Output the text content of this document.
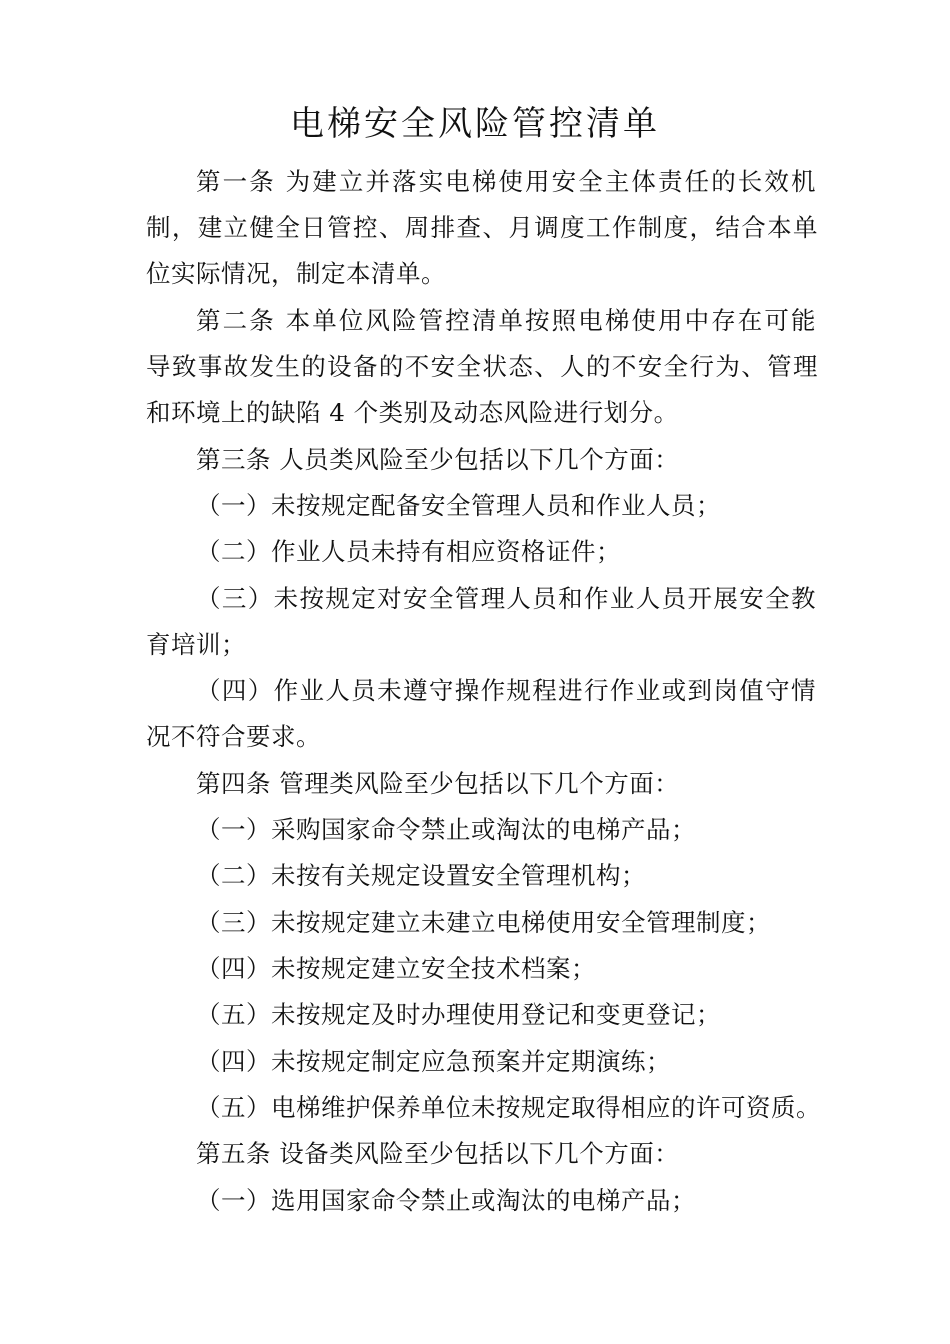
电梯安全风险管控清单
第一条 为建立并落实电梯使用安全主体责任的长效机
制，建立健全日管控、周排查、月调度工作制度，结合本单
位实际情况，制定本清单。
第二条 本单位风险管控清单按照电梯使用中存在可能
导致事故发生的设备的不安全状态、人的不安全行为、管理
和环境上的缺陷 4 个类别及动态风险进行划分。
第三条 人员类风险至少包括以下几个方面：
（一）未按规定配备安全管理人员和作业人员；
（二）作业人员未持有相应资格证件；
（三）未按规定对安全管理人员和作业人员开展安全教
育培训；
（四）作业人员未遵守操作规程进行作业或到岗值守情
况不符合要求。
第四条 管理类风险至少包括以下几个方面：
（一）采购国家命令禁止或淘汰的电梯产品；
（二）未按有关规定设置安全管理机构；
（三）未按规定建立未建立电梯使用安全管理制度；
（四）未按规定建立安全技术档案；
（五）未按规定及时办理使用登记和变更登记；
（四）未按规定制定应急预案并定期演练；
（五）电梯维护保养单位未按规定取得相应的许可资质。
第五条 设备类风险至少包括以下几个方面：
（一）选用国家命令禁止或淘汰的电梯产品；
